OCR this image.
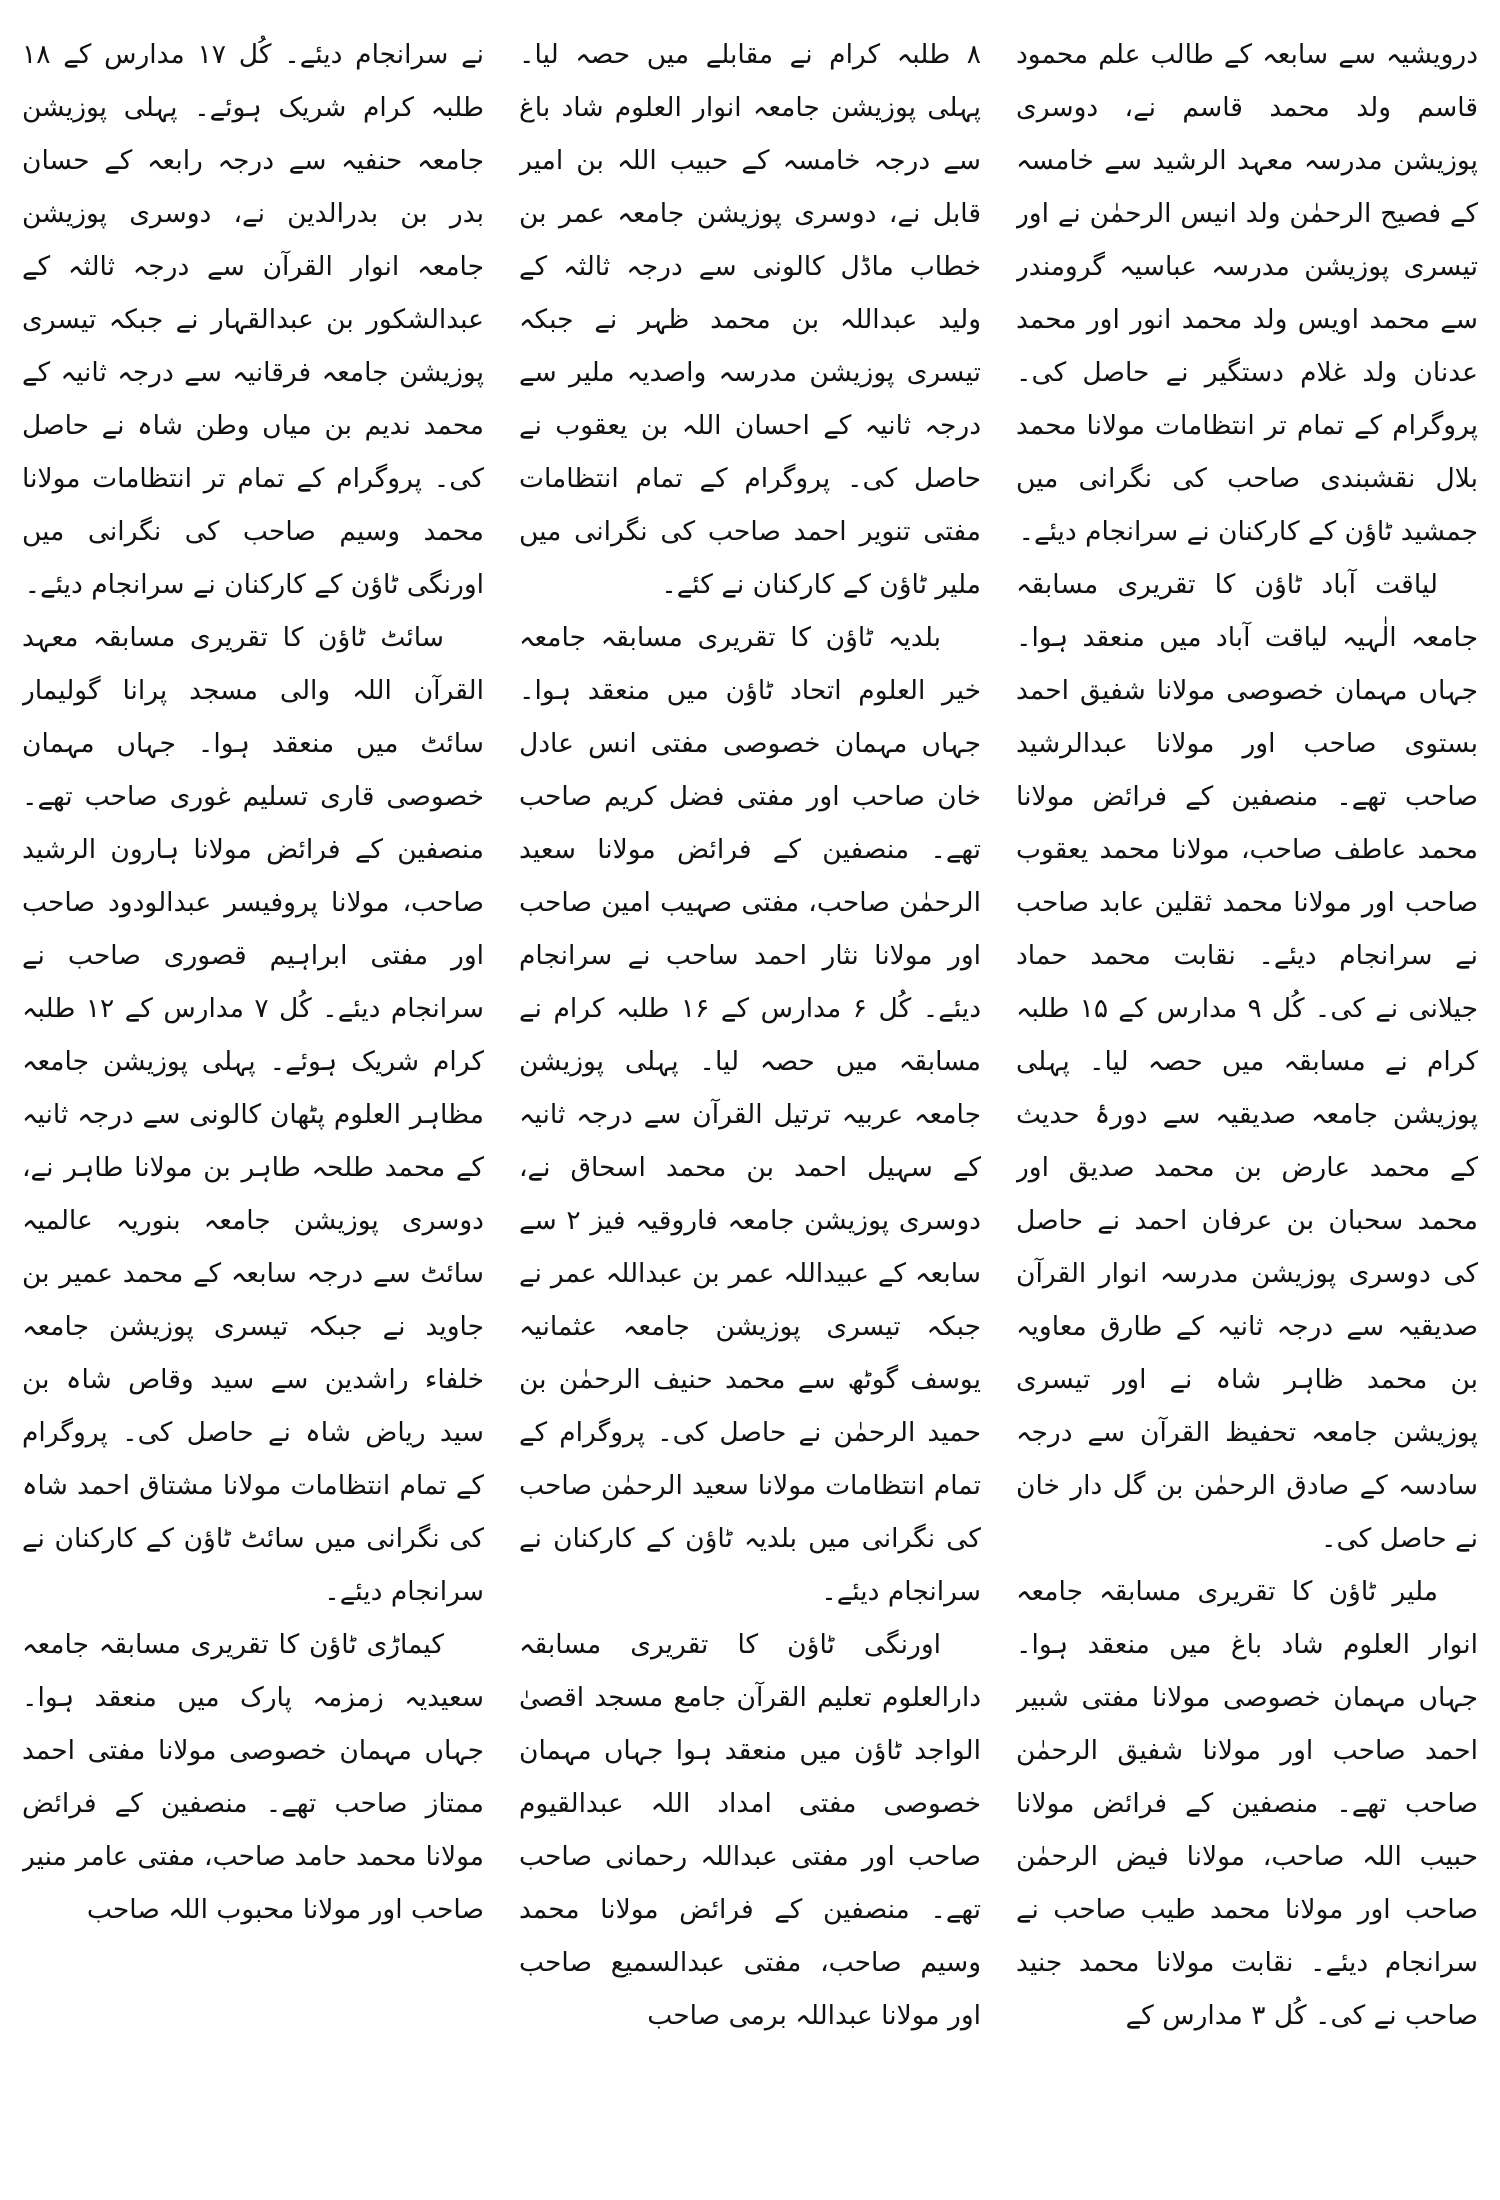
درویشیہ سے سابعہ کے طالب علم محمود قاسم ولد محمد قاسم نے، دوسری پوزیشن مدرسہ معہد الرشید سے خامسہ کے فصیح الرحمٰن ولد انیس الرحمٰن نے اور تیسری پوزیشن مدرسہ عباسیہ گرومندر سے محمد اویس ولد محمد انور اور محمد عدنان ولد غلام دستگیر نے حاصل کی۔ پروگرام کے تمام تر انتظامات مولانا محمد بلال نقشبندی صاحب کی نگرانی میں جمشید ٹاؤن کے کارکنان نے سرانجام دیئے۔

لیاقت آباد ٹاؤن کا تقریری مسابقہ جامعہ الٰہیہ لیاقت آباد میں منعقد ہوا۔ جہاں مہمان خصوصی مولانا شفیق احمد بستوی صاحب اور مولانا عبدالرشید صاحب تھے۔ منصفین کے فرائض مولانا محمد عاطف صاحب، مولانا محمد یعقوب صاحب اور مولانا محمد ثقلین عابد صاحب نے سرانجام دیئے۔ نقابت محمد حماد جیلانی نے کی۔ کُل ۹ مدارس کے ۱۵ طلبہ کرام نے مسابقہ میں حصہ لیا۔ پہلی پوزیشن جامعہ صدیقیہ سے دورۂ حدیث کے محمد عارض بن محمد صدیق اور محمد سحبان بن عرفان احمد نے حاصل کی دوسری پوزیشن مدرسہ انوار القرآن صدیقیہ سے درجہ ثانیہ کے طارق معاویہ بن محمد ظاہر شاہ نے اور تیسری پوزیشن جامعہ تحفیظ القرآن سے درجہ سادسہ کے صادق الرحمٰن بن گل دار خان نے حاصل کی۔

ملیر ٹاؤن کا تقریری مسابقہ جامعہ انوار العلوم شاد باغ میں منعقد ہوا۔ جہاں مہمان خصوصی مولانا مفتی شبیر احمد صاحب اور مولانا شفیق الرحمٰن صاحب تھے۔ منصفین کے فرائض مولانا حبیب اللہ صاحب، مولانا فیض الرحمٰن صاحب اور مولانا محمد طیب صاحب نے سرانجام دیئے۔ نقابت مولانا محمد جنید صاحب نے کی۔ کُل ۳ مدارس کے

۸ طلبہ کرام نے مقابلے میں حصہ لیا۔ پہلی پوزیشن جامعہ انوار العلوم شاد باغ سے درجہ خامسہ کے حبیب اللہ بن امیر قابل نے، دوسری پوزیشن جامعہ عمر بن خطاب ماڈل کالونی سے درجہ ثالثہ کے ولید عبداللہ بن محمد ظہر نے جبکہ تیسری پوزیشن مدرسہ واصدیہ ملیر سے درجہ ثانیہ کے احسان اللہ بن یعقوب نے حاصل کی۔ پروگرام کے تمام انتظامات مفتی تنویر احمد صاحب کی نگرانی میں ملیر ٹاؤن کے کارکنان نے کئے۔

بلدیہ ٹاؤن کا تقریری مسابقہ جامعہ خیر العلوم اتحاد ٹاؤن میں منعقد ہوا۔ جہاں مہمان خصوصی مفتی انس عادل خان صاحب اور مفتی فضل کریم صاحب تھے۔ منصفین کے فرائض مولانا سعید الرحمٰن صاحب، مفتی صہیب امین صاحب اور مولانا نثار احمد ساحب نے سرانجام دیئے۔ کُل ۶ مدارس کے ۱۶ طلبہ کرام نے مسابقہ میں حصہ لیا۔ پہلی پوزیشن جامعہ عربیہ ترتیل القرآن سے درجہ ثانیہ کے سہیل احمد بن محمد اسحاق نے، دوسری پوزیشن جامعہ فاروقیہ فیز ۲ سے سابعہ کے عبیداللہ عمر بن عبداللہ عمر نے جبکہ تیسری پوزیشن جامعہ عثمانیہ یوسف گوٹھ سے محمد حنیف الرحمٰن بن حمید الرحمٰن نے حاصل کی۔ پروگرام کے تمام انتظامات مولانا سعید الرحمٰن صاحب کی نگرانی میں بلدیہ ٹاؤن کے کارکنان نے سرانجام دیئے۔

اورنگی ٹاؤن کا تقریری مسابقہ دارالعلوم تعلیم القرآن جامع مسجد اقصیٰ الواجد ٹاؤن میں منعقد ہوا جہاں مہمان خصوصی مفتی امداد اللہ عبدالقیوم صاحب اور مفتی عبداللہ رحمانی صاحب تھے۔ منصفین کے فرائض مولانا محمد وسیم صاحب، مفتی عبدالسمیع صاحب اور مولانا عبداللہ برمی صاحب

نے سرانجام دیئے۔ کُل ۱۷ مدارس کے ۱۸ طلبہ کرام شریک ہوئے۔ پہلی پوزیشن جامعہ حنفیہ سے درجہ رابعہ کے حسان بدر بن بدرالدین نے، دوسری پوزیشن جامعہ انوار القرآن سے درجہ ثالثہ کے عبدالشکور بن عبدالقہار نے جبکہ تیسری پوزیشن جامعہ فرقانیہ سے درجہ ثانیہ کے محمد ندیم بن میاں وطن شاہ نے حاصل کی۔ پروگرام کے تمام تر انتظامات مولانا محمد وسیم صاحب کی نگرانی میں اورنگی ٹاؤن کے کارکنان نے سرانجام دیئے۔

سائٹ ٹاؤن کا تقریری مسابقہ معہد القرآن اللہ والی مسجد پرانا گولیمار سائٹ میں منعقد ہوا۔ جہاں مہمان خصوصی قاری تسلیم غوری صاحب تھے۔ منصفین کے فرائض مولانا ہارون الرشید صاحب، مولانا پروفیسر عبدالودود صاحب اور مفتی ابراہیم قصوری صاحب نے سرانجام دیئے۔ کُل ۷ مدارس کے ۱۲ طلبہ کرام شریک ہوئے۔ پہلی پوزیشن جامعہ مظاہر العلوم پٹھان کالونی سے درجہ ثانیہ کے محمد طلحہ طاہر بن مولانا طاہر نے، دوسری پوزیشن جامعہ بنوریہ عالمیہ سائٹ سے درجہ سابعہ کے محمد عمیر بن جاوید نے جبکہ تیسری پوزیشن جامعہ خلفاء راشدین سے سید وقاص شاہ بن سید ریاض شاہ نے حاصل کی۔ پروگرام کے تمام انتظامات مولانا مشتاق احمد شاہ کی نگرانی میں سائٹ ٹاؤن کے کارکنان نے سرانجام دیئے۔

کیماڑی ٹاؤن کا تقریری مسابقہ جامعہ سعیدیہ زمزمہ پارک میں منعقد ہوا۔ جہاں مہمان خصوصی مولانا مفتی احمد ممتاز صاحب تھے۔ منصفین کے فرائض مولانا محمد حامد صاحب، مفتی عامر منیر صاحب اور مولانا محبوب اللہ صاحب
